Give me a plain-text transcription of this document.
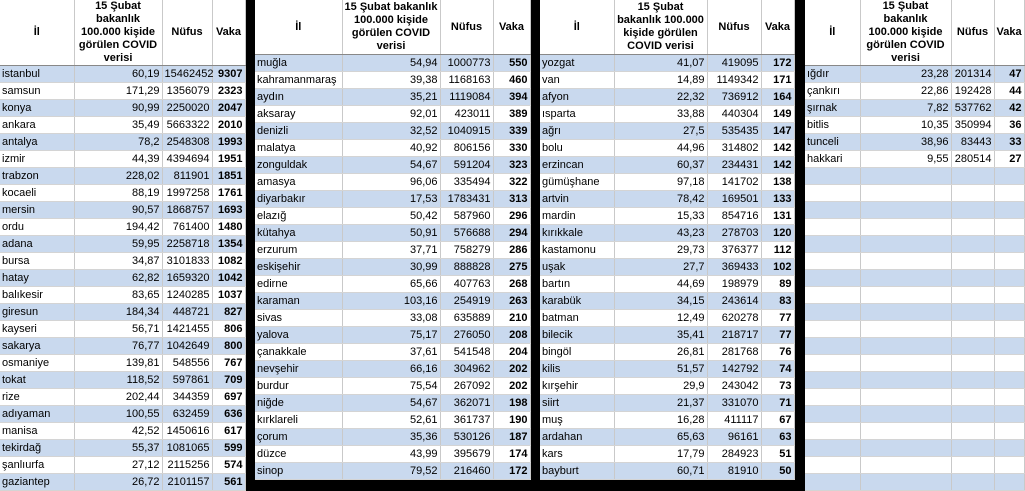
İl	15 Şubat bakanlık 100.000 kişide görülen COVID verisi	Nüfus	Vaka
istanbul	60,19	15462452	9307
samsun	171,29	1356079	2323
konya	90,99	2250020	2047
ankara	35,49	5663322	2010
antalya	78,2	2548308	1993
izmir	44,39	4394694	1951
trabzon	228,02	811901	1851
kocaeli	88,19	1997258	1761
mersin	90,57	1868757	1693
ordu	194,42	761400	1480
adana	59,95	2258718	1354
bursa	34,87	3101833	1082
hatay	62,82	1659320	1042
balıkesir	83,65	1240285	1037
giresun	184,34	448721	827
kayseri	56,71	1421455	806
sakarya	76,77	1042649	800
osmaniye	139,81	548556	767
tokat	118,52	597861	709
rize	202,44	344359	697
adıyaman	100,55	632459	636
manisa	42,52	1450616	617
tekirdağ	55,37	1081065	599
şanlıurfa	27,12	2115256	574
gaziantep	26,72	2101157	561
İl	15 Şubat bakanlık 100.000 kişide görülen COVID verisi	Nüfus	Vaka
muğla	54,94	1000773	550
kahramanmaraş	39,38	1168163	460
aydın	35,21	1119084	394
aksaray	92,01	423011	389
denizli	32,52	1040915	339
malatya	40,92	806156	330
zonguldak	54,67	591204	323
amasya	96,06	335494	322
diyarbakır	17,53	1783431	313
elazığ	50,42	587960	296
kütahya	50,91	576688	294
erzurum	37,71	758279	286
eskişehir	30,99	888828	275
edirne	65,66	407763	268
karaman	103,16	254919	263
sivas	33,08	635889	210
yalova	75,17	276050	208
çanakkale	37,61	541548	204
nevşehir	66,16	304962	202
burdur	75,54	267092	202
niğde	54,67	362071	198
kırklareli	52,61	361737	190
çorum	35,36	530126	187
düzce	43,99	395679	174
sinop	79,52	216460	172
İl	15 Şubat bakanlık 100.000 kişide görülen COVID verisi	Nüfus	Vaka
yozgat	41,07	419095	172
van	14,89	1149342	171
afyon	22,32	736912	164
ısparta	33,88	440304	149
ağrı	27,5	535435	147
bolu	44,96	314802	142
erzincan	60,37	234431	142
gümüşhane	97,18	141702	138
artvin	78,42	169501	133
mardin	15,33	854716	131
kırıkkale	43,23	278703	120
kastamonu	29,73	376377	112
uşak	27,7	369433	102
bartın	44,69	198979	89
karabük	34,15	243614	83
batman	12,49	620278	77
bilecik	35,41	218717	77
bingöl	26,81	281768	76
kilis	51,57	142792	74
kırşehir	29,9	243042	73
siirt	21,37	331070	71
muş	16,28	411117	67
ardahan	65,63	96161	63
kars	17,79	284923	51
bayburt	60,71	81910	50
İl	15 Şubat bakanlık 100.000 kişide görülen COVID verisi	Nüfus	Vaka
ığdır	23,28	201314	47
çankırı	22,86	192428	44
şırnak	7,82	537762	42
bitlis	10,35	350994	36
tunceli	38,96	83443	33
hakkari	9,55	280514	27
